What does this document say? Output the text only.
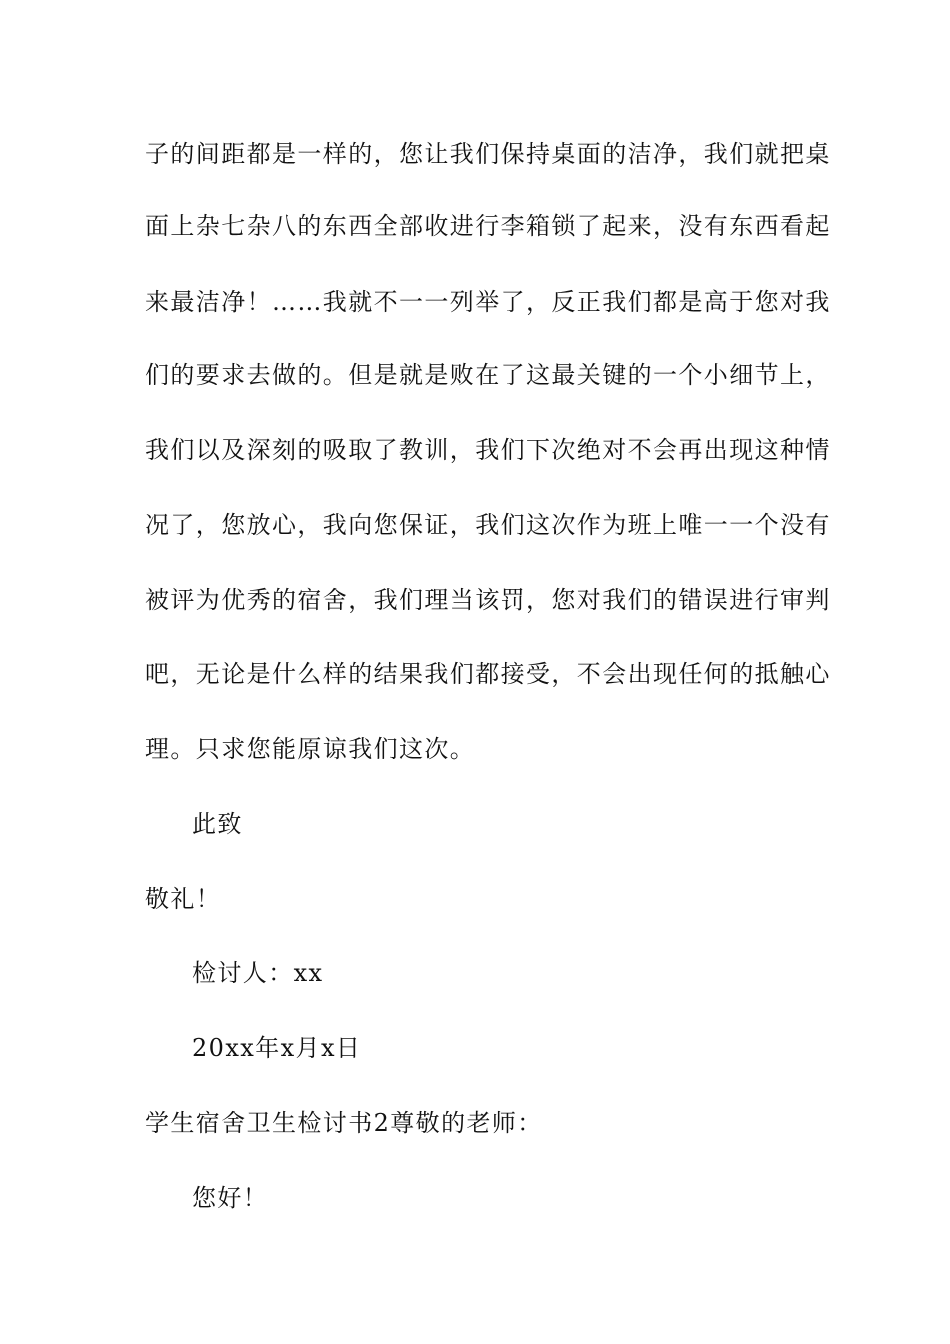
子的间距都是一样的，您让我们保持桌面的洁净，我们就把桌
面上杂七杂八的东西全部收进行李箱锁了起来，没有东西看起
来最洁净！……我就不一一列举了，反正我们都是高于您对我
们的要求去做的。但是就是败在了这最关键的一个小细节上，
我们以及深刻的吸取了教训，我们下次绝对不会再出现这种情
况了，您放心，我向您保证，我们这次作为班上唯一一个没有
被评为优秀的宿舍，我们理当该罚，您对我们的错误进行审判
吧，无论是什么样的结果我们都接受，不会出现任何的抵触心
理。只求您能原谅我们这次。
此致
敬礼！
检讨人：xx
20xx年x月x日
学生宿舍卫生检讨书2尊敬的老师：
您好！
